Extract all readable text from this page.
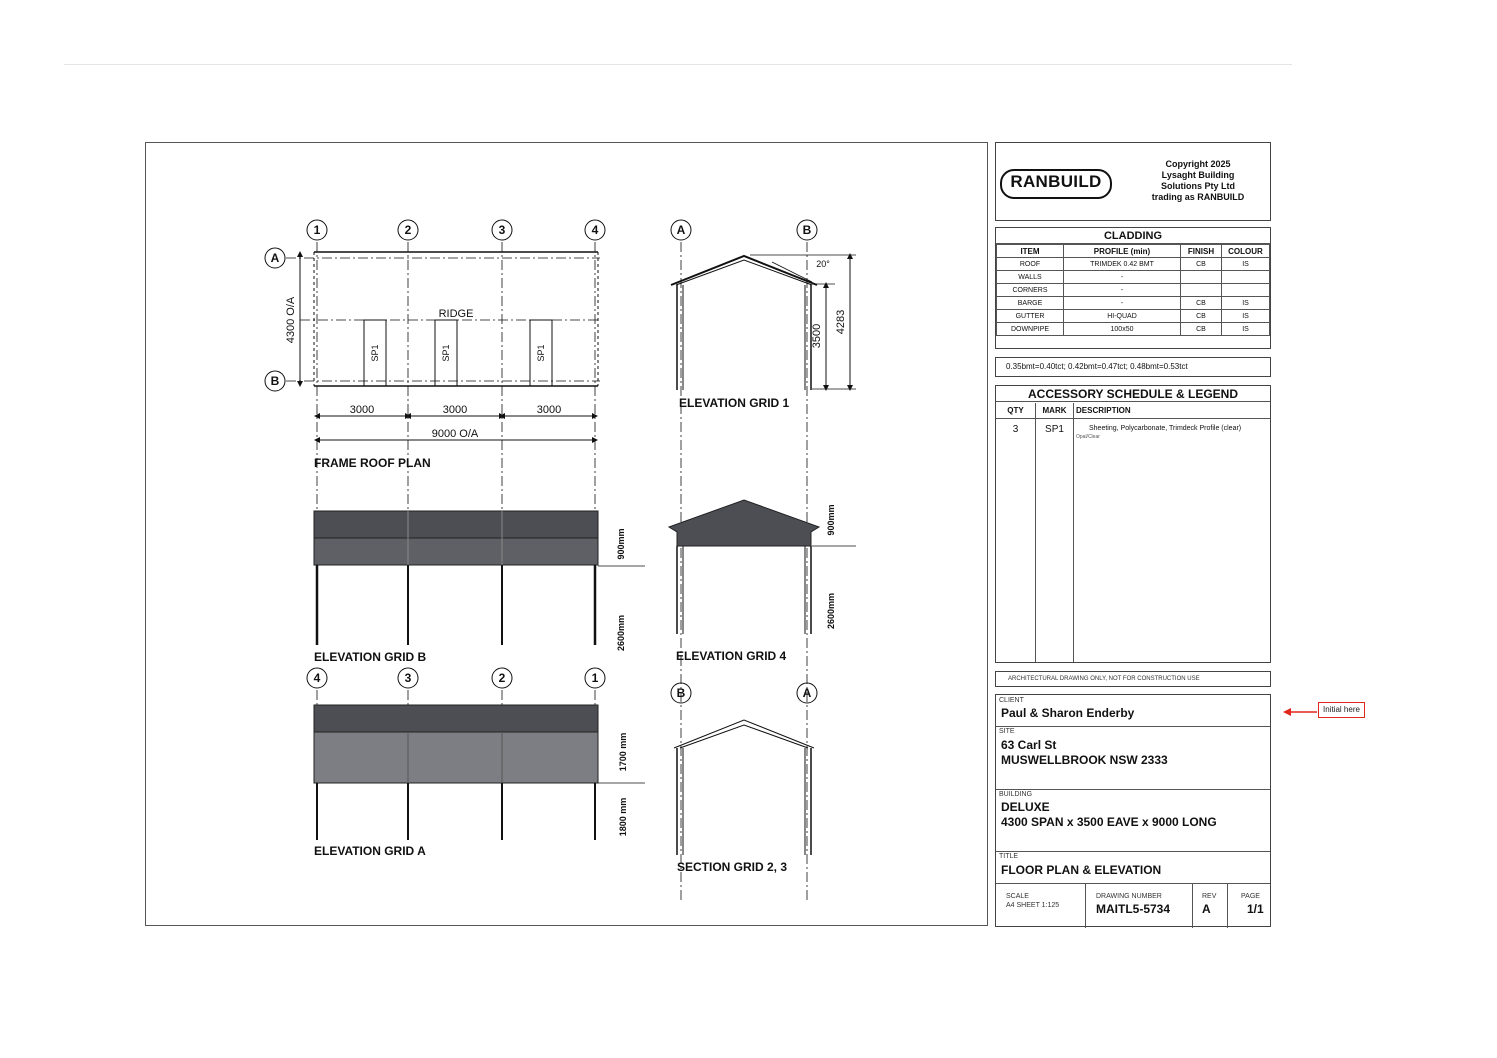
1	2	3	4
A
B
A	B
4	3	2	1
B	A
4300 O/A	RIDGE
SP1	SP1	SP1
3000	3000	3000
9000 O/A
20°
3500
4283
900mm
2600mm
900mm
2600mm
1700 mm
1800 mm
FRAME ROOF PLAN
ELEVATION GRID 1
ELEVATION GRID B	ELEVATION GRID 4
ELEVATION GRID A
SECTION GRID 2, 3
RANBUILD
Copyright 2025
Lysaght Building
Solutions Pty Ltd
trading as RANBUILD
CLADDING
ITEM	PROFILE (min)	FINISH	COLOUR
ROOF	TRIMDEK 0.42 BMT	CB	IS
WALLS	-		
CORNERS	-		
BARGE	-	CB	IS
GUTTER	HI-QUAD	CB	IS
DOWNPIPE	100x50	CB	IS
0.35bmt=0.40tct; 0.42bmt=0.47tct; 0.48bmt=0.53tct
ACCESSORY SCHEDULE & LEGEND
QTY	MARK	DESCRIPTION
3	SP1	Sheeting, Polycarbonate, Trimdeck Profile (clear)
Opal/Clear
ARCHITECTURAL DRAWING ONLY, NOT FOR CONSTRUCTION USE
CLIENT
Paul & Sharon Enderby
SITE
63 Carl St
MUSWELLBROOK NSW 2333
BUILDING
DELUXE
4300 SPAN x 3500 EAVE x 9000 LONG
TITLE
FLOOR PLAN & ELEVATION
SCALE
A4 SHEET 1:125
DRAWING NUMBER
MAITL5-5734
REV
A
PAGE
1/1
Initial here
